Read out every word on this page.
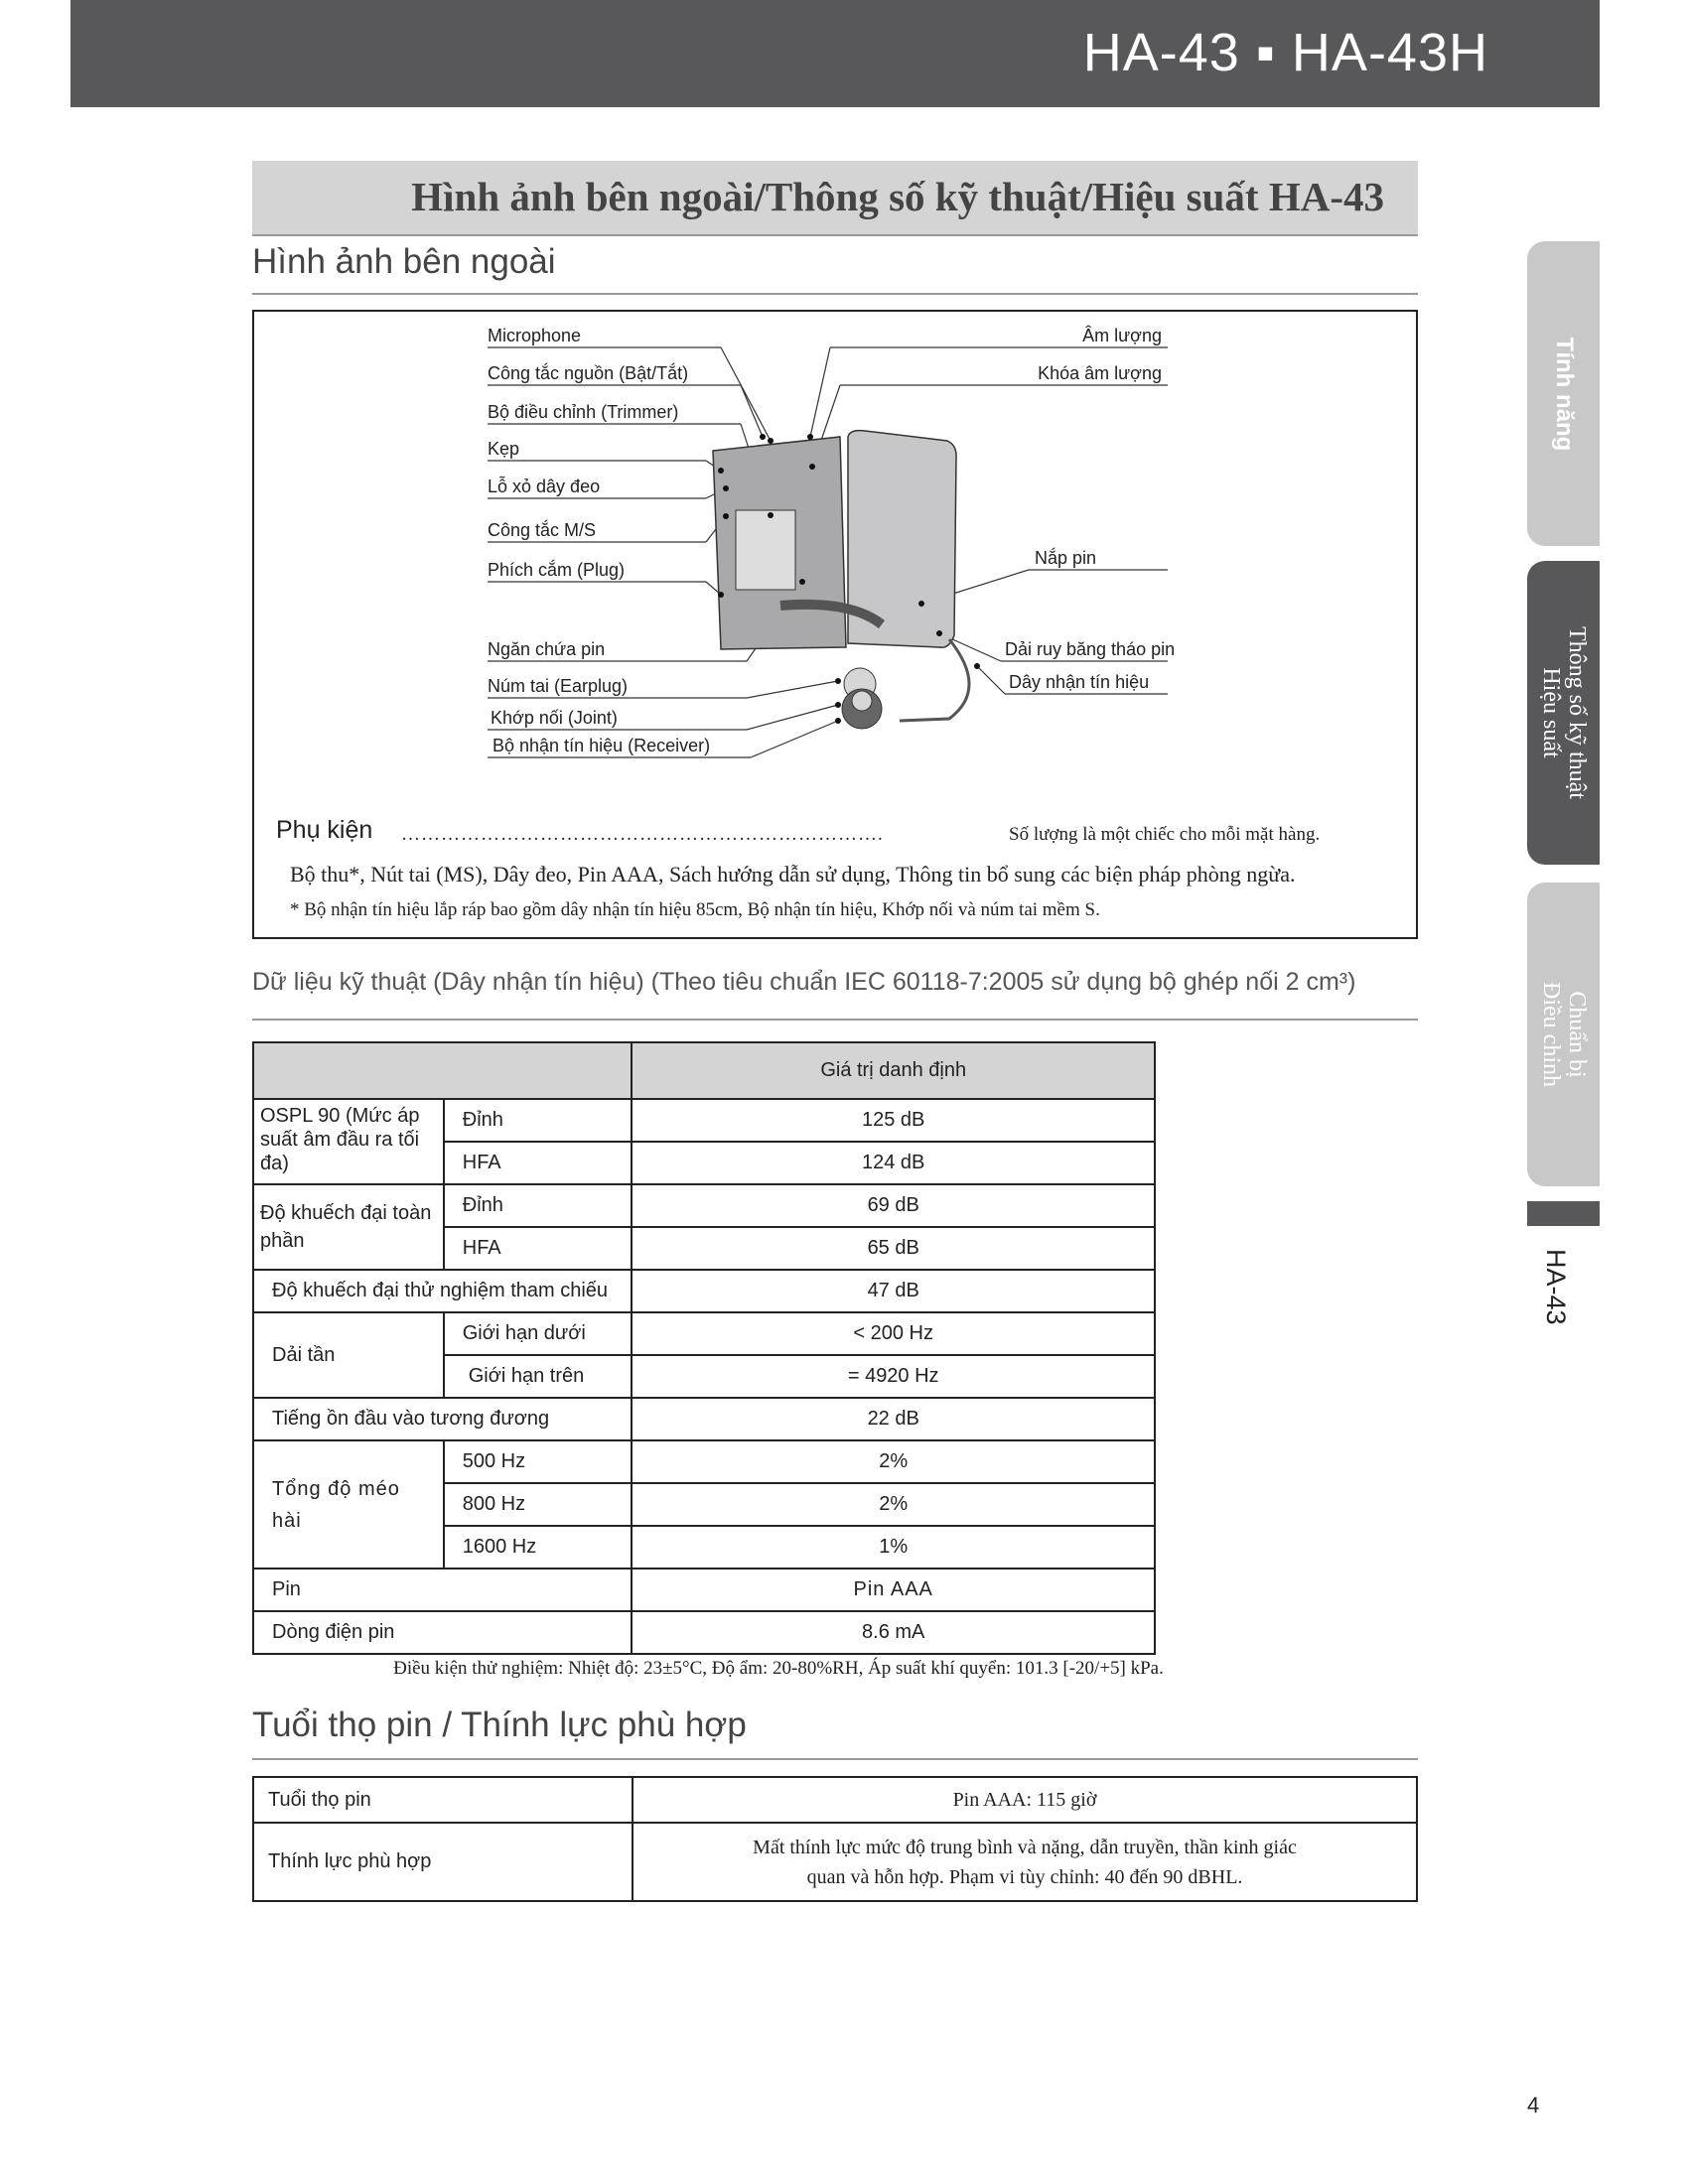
HA-43 ▪ HA-43H
Hình ảnh bên ngoài/Thông số kỹ thuật/Hiệu suất HA-43
Hình ảnh bên ngoài
Microphone
Công tắc nguồn (Bật/Tắt)
Bộ điều chỉnh (Trimmer)
Kẹp
Lỗ xỏ dây đeo
Công tắc M/S
Phích cắm (Plug)
Ngăn chứa pin
Núm tai (Earplug)
Khớp nối (Joint)
Bộ nhận tín hiệu (Receiver)
Âm lượng
Khóa âm lượng
Nắp pin
Dải ruy băng tháo pin
Dây nhận tín hiệu
Phụ kiện ……………………………………………………………….	Số lượng là một chiếc cho mỗi mặt hàng.
Bộ thu*, Nút tai (MS), Dây đeo, Pin AAA, Sách hướng dẫn sử dụng, Thông tin bổ sung các biện pháp phòng ngừa.
* Bộ nhận tín hiệu lắp ráp bao gồm dây nhận tín hiệu 85cm, Bộ nhận tín hiệu, Khớp nối và núm tai mềm S.
Dữ liệu kỹ thuật (Dây nhận tín hiệu) (Theo tiêu chuẩn IEC 60118-7:2005 sử dụng bộ ghép nối 2 cm³)
		Giá trị danh định
OSPL 90 (Mức áp suất âm đầu ra tối đa)	Đỉnh	125 dB
	HFA	124 dB
Độ khuếch đại toàn phần	Đỉnh	69 dB
	HFA	65 dB
Độ khuếch đại thử nghiệm tham chiếu		47 dB
Dải tần	Giới hạn dưới	< 200 Hz
	Giới hạn trên	= 4920 Hz
Tiếng ồn đầu vào tương đương		22 dB
Tổng độ méo hài	500 Hz	2%
	800 Hz	2%
	1600 Hz	1%
Pin		Pin AAA
Dòng điện pin		8.6 mA
Điều kiện thử nghiệm: Nhiệt độ: 23±5°C, Độ ẩm: 20-80%RH, Áp suất khí quyển: 101.3 [-20/+5] kPa.
Tuổi thọ pin / Thính lực phù hợp
Tuổi thọ pin	Pin AAA: 115 giờ
Thính lực phù hợp	Mất thính lực mức độ trung bình và nặng, dẫn truyền, thần kinh giác
quan và hỗn hợp. Phạm vi tùy chỉnh: 40 đến 90 dBHL.
Tính năng
Thông số kỹ thuật
Hiệu suất
Chuẩn bị
Điều chỉnh
HA-43
4
